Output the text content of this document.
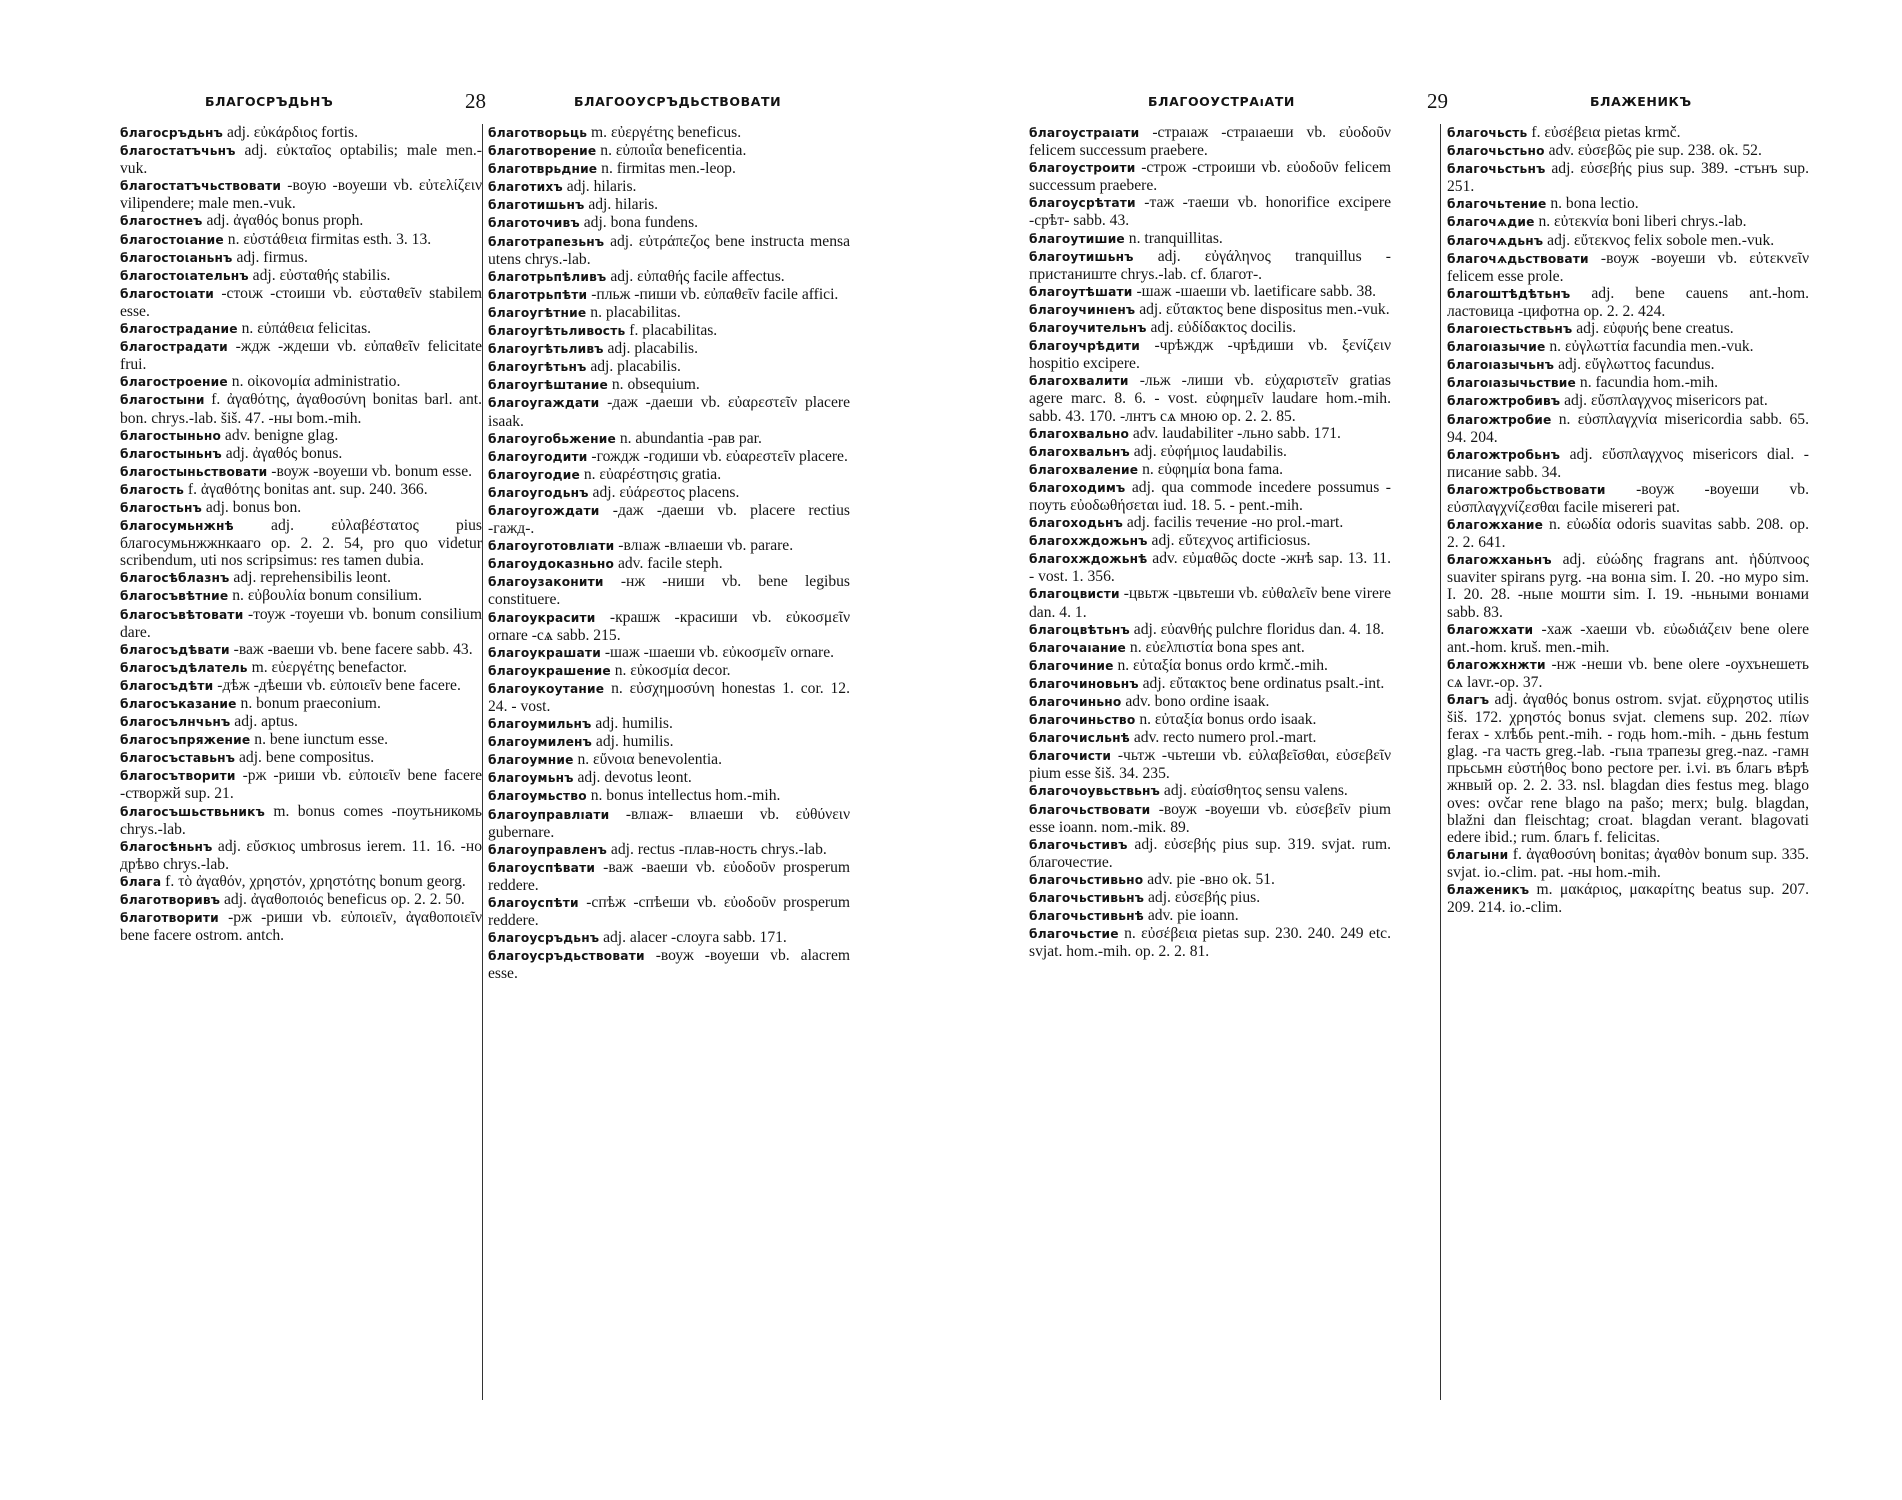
БЛАГОСРЪДЬНЪ	28	БЛАГООУСРЪДЬСТВОВАТИ

благосръдьнъ adj. εὐκάρδιος fortis.

благостатъчьнъ adj. εὐκταῖος optabilis; male men.-vuk.

благостатъчьствовати -воую -воуеши vb. εὐτελίζειν vilipendere; male men.-vuk.

благостнеъ adj. ἀγαθός bonus proph.

благостоιание n. εὐστάθεια firmitas esth. 3. 13.

благостоιаньнъ adj. firmus.

благостоιательнъ adj. εὐσταθής stabilis.

благостоιати -стоιж -стоиши vb. εὐσταθεῖν stabilem esse.

благострадание n. εὐπάθεια felicitas.

благострадати -ждж -ждеши vb. εὐπαθεῖν felicitate frui.

благостроение n. οἰκονομία administratio.

благостыни f. ἀγαθότης, ἀγαθοσύνη bonitas barl. ant. bon. chrys.-lab. šiš. 47. -ны bom.-mih.

благостыньно adv. benigne glag.

благостыньнъ adj. ἀγαθός bonus.

благостыньствовати -воуж -воуеши vb. bonum esse.

благость f. ἀγαθότης bonitas ant. sup. 240. 366.

благостьнъ adj. bonus bon.

благосумьнжнѣ adj. εὐλαβέστατος pius благосумьнжжнкааго op. 2. 2. 54, pro quo videtur scribendum, uti nos scripsimus: res tamen dubia.

благосѣблазнъ adj. reprehensibilis leont.

благосъвѣтние n. εὐβουλία bonum consilium.

благосъвѣтовати -тоуж -тоуеши vb. bonum consilium dare.

благосъдѣвати -важ -ваеши vb. bene facere sabb. 43.

благосъдѣлатель m. εὐεργέτης benefactor.

благосъдѣти -дѣж -дѣеши vb. εὐποιεῖν bene facere.

благосъказание n. bonum praeconium.

благосълнчьнъ adj. aptus.

благосъпряжение n. bene iunctum esse.

благосъставьнъ adj. bene compositus.

благосътворити -рж -риши vb. εὐποιεῖν bene facere -створжй sup. 21.

благосъшьствьникъ m. bonus comes -поутьникомь chrys.-lab.

благосѣньнъ adj. εὔσκιος umbrosus ierem. 11. 16. -но дрѣво chrys.-lab.

блага f. τὸ ἀγαθόν, χρηστόν, χρηστότης bonum georg.

благотворивъ adj. ἀγαθοποιός beneficus op. 2. 2. 50.

благотворити -рж -риши vb. εὐποιεῖν, ἀγαθοποιεῖν bene facere ostrom. antch.

благотворьць m. εὐεργέτης beneficus.

благотворение n. εὐποιΐα beneficentia.

благотврьдние n. firmitas men.-leop.

благотихъ adj. hilaris.

благотишьнъ adj. hilaris.

благоточивъ adj. bona fundens.

благотрапезьнъ adj. εὐτράπεζος bene instructa mensa utens chrys.-lab.

благотрьпѣливъ adj. εὐπαθής facile affectus.

благотрьпѣти -пльж -пиши vb. εὐπαθεῖν facile affici.

благоугѣтние n. placabilitas.

благоугѣтьливость f. placabilitas.

благоугѣтьливъ adj. placabilis.

благоугѣтьнъ adj. placabilis.

благоугѣштание n. obsequium.

благоугаждати -даж -даеши vb. εὐαρεστεῖν placere isaak.

благоугобьжение n. abundantia -рав par.

благоугодити -гождж -годиши vb. εὐαρεστεῖν placere.

благоугодие n. εὐαρέστησις gratia.

благоугодьнъ adj. εὐάρεστος placens.

благоугождати -даж -даеши vb. placere rectius -гажд-.

благоуготовлıати -влıаж -влıаеши vb. parare.

благоудоказньно adv. facile steph.

благоузаконити -нж -ниши vb. bene legibus constituere.

благоукрасити -крашж -красиши vb. εὐκοσμεῖν ornare -сѧ sabb. 215.

благоукрашати -шаж -шаеши vb. εὐκοσμεῖν ornare.

благоукрашение n. εὐκοσμία decor.

благоукоутание n. εὐσχημοσύνη honestas 1. cor. 12. 24. - vost.

благоумильнъ adj. humilis.

благоумиленъ adj. humilis.

благоумние n. εὔνοια benevolentia.

благоумьнъ adj. devotus leont.

благоумьство n. bonus intellectus hom.-mih.

благоуправлıати -влıаж- влıаеши vb. εὐθύνειν gubernare.

благоуправленъ adj. rectus -плав-ность chrys.-lab.

благоуспѣвати -важ -ваеши vb. εὐοδοῦν prosperum reddere.

благоуспѣти -спѣж -спѣеши vb. εὐοδοῦν prosperum reddere.

благоусръдьнъ adj. alacer -слоуга sabb. 171.

благоусръдьствовати -воуж -воуеши vb. alacrem esse.

БЛАГООУСТРАıАТИ	29	БЛАЖЕНИКЪ

благоустраıати -страıаж -страıаеши vb. εὐοδοῦν felicem successum praebere.

благоустроити -строж -строиши vb. εὐοδοῦν felicem successum praebere.

благоусрѣтати -таж -таеши vb. honorifice excipere -срѣт- sabb. 43.

благоутишие n. tranquillitas.

благоутишьнъ adj. εὐγάληνος tranquillus - пристаниште chrys.-lab. cf. благот-.

благоутѣшати -шаж -шаеши vb. laetificare sabb. 38.

благоучинıенъ adj. εὔτακτος bene dispositus men.-vuk.

благоучительнъ adj. εὐδίδακτος docilis.

благоучрѣдити -чрѣждж -чрѣдиши vb. ξενίζειν hospitio excipere.

благохвалити -льж -лиши vb. εὐχαριστεῖν gratias agere marc. 8. 6. - vost. εὐφημεῖν laudare hom.-mih. sabb. 43. 170. -лнтъ сѧ мною op. 2. 2. 85.

благохвально adv. laudabiliter -льно sabb. 171.

благохвальнъ adj. εὐφήμιος laudabilis.

благохваление n. εὐφημία bona fama.

благоходимъ adj. qua commode incedere possumus - поуть εὐοδωθήσεται iud. 18. 5. - pent.-mih.

благоходьнъ adj. facilis течение -но prol.-mart.

благохждожьнъ adj. εὔτεχνος artificiosus.

благохждожьнѣ adv. εὐμαθῶς docte -жнѣ sap. 13. 11. - vost. 1. 356.

благоцвисти -цвьтж -цвьтеши vb. εὐθαλεῖν bene virere dan. 4. 1.

благоцвѣтьнъ adj. εὐανθής pulchre floridus dan. 4. 18.

благочаıание n. εὐελπιστία bona spes ant.

благочиние n. εὐταξία bonus ordo krmč.-mih.

благочиновьнъ adj. εὔτακτος bene ordinatus psalt.-int.

благочиньно adv. bono ordine isaak.

благочиньство n. εὐταξία bonus ordo isaak.

благочисльнѣ adv. recto numero prol.-mart.

благочисти -чьтж -чьтеши vb. εὐλαβεῖσθαι, εὐσεβεῖν pium esse šiš. 34. 235.

благочоувьствьнъ adj. εὐαίσθητος sensu valens.

благочьствовати -воуж -воуеши vb. εὐσεβεῖν pium esse ioann. nom.-mik. 89.

благочьстивъ adj. εὐσεβής pius sup. 319. svjat. rum. благочестие.

благочьстивьно adv. pie -вно ok. 51.

благочьстивьнъ adj. εὐσεβής pius.

благочьстивьнѣ adv. pie ioann.

благочьстие n. εὐσέβεια pietas sup. 230. 240. 249 etc. svjat. hom.-mih. op. 2. 2. 81.

благочьсть f. εὐσέβεια pietas krmč.

благочьстьно adv. εὐσεβῶς pie sup. 238. ok. 52.

благочьстьнъ adj. εὐσεβής pius sup. 389. -стънъ sup. 251.

благочьтение n. bona lectio.

благочѧдие n. εὐτεκνία boni liberi chrys.-lab.

благочѧдьнъ adj. εὔτεκνος felix sobole men.-vuk.

благочѧдьствовати -воуж -воуеши vb. εὐτεκνεῖν felicem esse prole.

благоштѣдѣтьнъ adj. bene cauens ant.-hom. ластовица -цифотна op. 2. 2. 424.

благоıестьствьнъ adj. εὐφυής bene creatus.

благоıазычие n. εὐγλωττία facundia men.-vuk.

благоıазычьнъ adj. εὔγλωττος facundus.

благоıазычьствие n. facundia hom.-mih.

благожтробивъ adj. εὔσπλαγχνος misericors pat.

благожтробие n. εὐσπλαγχνία misericordia sabb. 65. 94. 204.

благожтробьнъ adj. εὔσπλαγχνος misericors dial. - писание sabb. 34.

благожтробьствовати -воуж -воуеши vb. εὐσπλαγχνίζεσθαι facile misereri pat.

благожхание n. εὐωδία odoris suavitas sabb. 208. op. 2. 2. 641.

благожханьнъ adj. εὐώδης fragrans ant. ἡδύπνοος suaviter spirans pyrg. -на вонıа sim. I. 20. -но муро sim. I. 20. 28. -ныıе мошти sim. I. 19. -ньными вонıами sabb. 83.

благожхати -хаж -хаеши vb. εὐωδιάζειν bene olere ant.-hom. kruš. men.-mih.

благожхнжти -нж -неши vb. bene olere -оухънешеть сѧ lavr.-op. 37.

благъ adj. ἀγαθός bonus ostrom. svjat. εὔχρηστος utilis šiš. 172. χρηστός bonus svjat. clemens sup. 202. πίων ferax - хлѣбь pent.-mih. - годь hom.-mih. - дьнь festum glag. -га часть greg.-lab. -гыıа трапезы greg.-naz. -гамн прьсьмн εὐστήθος bono pectore per. i.vi. въ благь вѣрѣ жнвый op. 2. 2. 33. nsl. blagdan dies festus meg. blago oves: ovčar rene blago na pašo; merx; bulg. blagdan, blažni dan fleischtag; croat. blagdan verant. blagovati edere ibid.; rum. благь f. felicitas.

благыни f. ἀγαθοσύνη bonitas; ἀγαθὸν bonum sup. 335. svjat. io.-clim. pat. -ны hom.-mih.

блаженикъ m. μακάριος, μακαρίτης beatus sup. 207. 209. 214. io.-clim.
